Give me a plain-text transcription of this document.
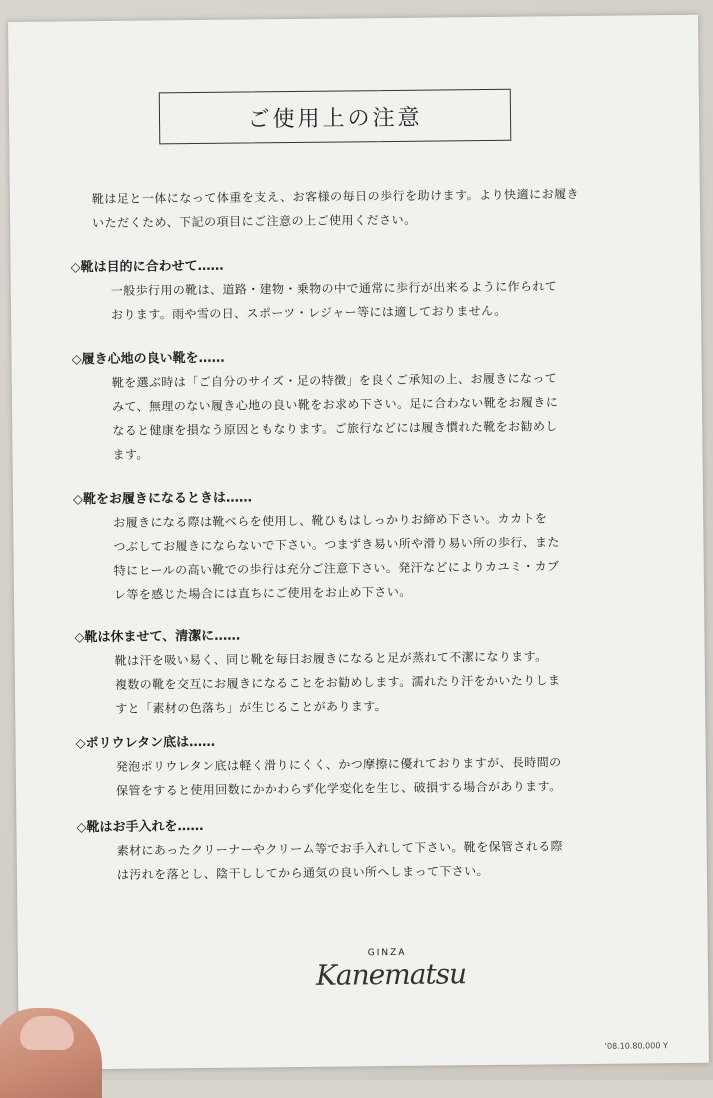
ご使用上の注意
靴は足と一体になって体重を支え、お客様の毎日の歩行を助けます。より快適にお履き
いただくため、下記の項目にご注意の上ご使用ください。
◇靴は目的に合わせて……
一般歩行用の靴は、道路・建物・乗物の中で通常に歩行が出来るように作られて
おります。雨や雪の日、スポーツ・レジャー等には適しておりません。
◇履き心地の良い靴を……
靴を選ぶ時は「ご自分のサイズ・足の特徴」を良くご承知の上、お履きになって
みて、無理のない履き心地の良い靴をお求め下さい。足に合わない靴をお履きに
なると健康を損なう原因ともなります。ご旅行などには履き慣れた靴をお勧めし
ます。
◇靴をお履きになるときは……
お履きになる際は靴べらを使用し、靴ひもはしっかりお締め下さい。カカトを
つぶしてお履きにならないで下さい。つまずき易い所や滑り易い所の歩行、また
特にヒールの高い靴での歩行は充分ご注意下さい。発汗などによりカユミ・カブ
レ等を感じた場合には直ちにご使用をお止め下さい。
◇靴は休ませて、清潔に……
靴は汗を吸い易く、同じ靴を毎日お履きになると足が蒸れて不潔になります。
複数の靴を交互にお履きになることをお勧めします。濡れたり汗をかいたりしま
すと「素材の色落ち」が生じることがあります。
◇ポリウレタン底は……
発泡ポリウレタン底は軽く滑りにくく、かつ摩擦に優れておりますが、長時間の
保管をすると使用回数にかかわらず化学変化を生じ、破損する場合があります。
◇靴はお手入れを……
素材にあったクリーナーやクリーム等でお手入れして下さい。靴を保管される際
は汚れを落とし、陰干ししてから通気の良い所へしまって下さい。
GINZA
Kanematsu
'08.10.80,000 Y
